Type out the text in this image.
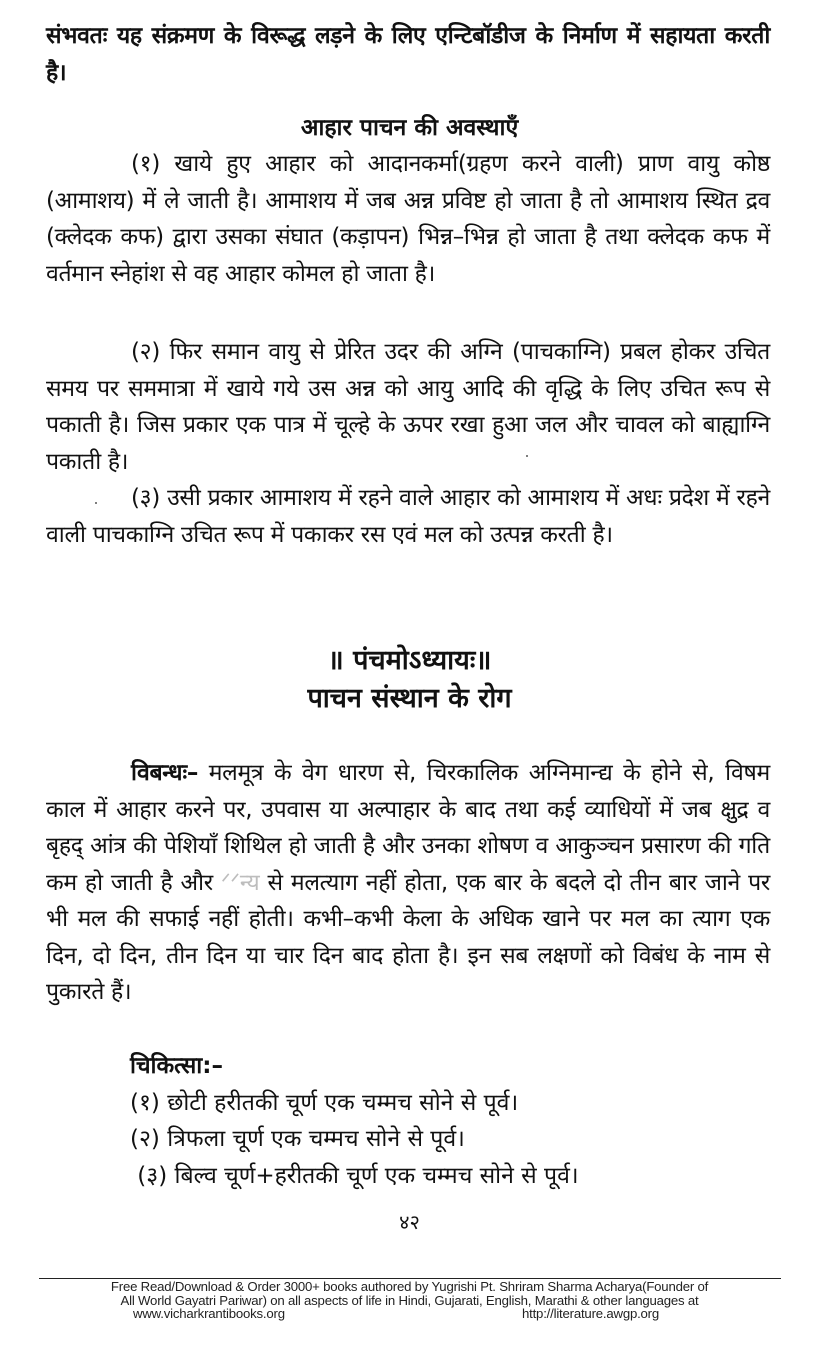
संभवतः यह संक्रमण के विरूद्ध लड़ने के लिए एन्टिबॉडीज के निर्माण में सहायता करती है।

आहार पाचन की अवस्थाएँ

(१) खाये हुए आहार को आदानकर्मा(ग्रहण करने वाली) प्राण वायु कोष्ठ (आमाशय) में ले जाती है। आमाशय में जब अन्न प्रविष्ट हो जाता है तो आमाशय स्थित द्रव (क्लेदक कफ) द्वारा उसका संघात (कड़ापन) भिन्न–भिन्न हो जाता है तथा क्लेदक कफ में वर्तमान स्नेहांश से वह आहार कोमल हो जाता है।

(२) फिर समान वायु से प्रेरित उदर की अग्नि (पाचकाग्नि) प्रबल होकर उचित समय पर सममात्रा में खाये गये उस अन्न को आयु आदि की वृद्धि के लिए उचित रूप से पकाती है। जिस प्रकार एक पात्र में चूल्हे के ऊपर रखा हुआ जल और चावल को बाह्याग्नि पकाती है।

(३) उसी प्रकार आमाशय में रहने वाले आहार को आमाशय में अधः प्रदेश में रहने वाली पाचकाग्नि उचित रूप में पकाकर रस एवं मल को उत्पन्न करती है।

॥ पंचमोऽध्यायः॥
पाचन संस्थान के रोग

विबन्धः– मलमूत्र के वेग धारण से, चिरकालिक अग्निमान्द्य के होने से, विषम काल में आहार करने पर, उपवास या अल्पाहार के बाद तथा कई व्याधियों में जब क्षुद्र व बृहद् आंत्र की पेशियाँ शिथिल हो जाती है और उनका शोषण व आकुञ्चन प्रसारण की गति कम हो जाती है और ᐟᐟन्य से मलत्याग नहीं होता, एक बार के बदले दो तीन बार जाने पर भी मल की सफाई नहीं होती। कभी–कभी केला के अधिक खाने पर मल का त्याग एक दिन, दो दिन, तीन दिन या चार दिन बाद होता है। इन सब लक्षणों को विबंध के नाम से पुकारते हैं।

चिकित्सा:–
(१) छोटी हरीतकी चूर्ण एक चम्मच सोने से पूर्व।
(२) त्रिफला चूर्ण एक चम्मच सोने से पूर्व।
(३) बिल्व चूर्ण+हरीतकी चूर्ण एक चम्मच सोने से पूर्व।
४२
Free Read/Download & Order 3000+ books authored by Yugrishi Pt. Shriram Sharma Acharya(Founder of
All World Gayatri Pariwar) on all aspects of life in Hindi, Gujarati, English, Marathi & other languages at
www.vicharkrantibooks.org	http://literature.awgp.org
